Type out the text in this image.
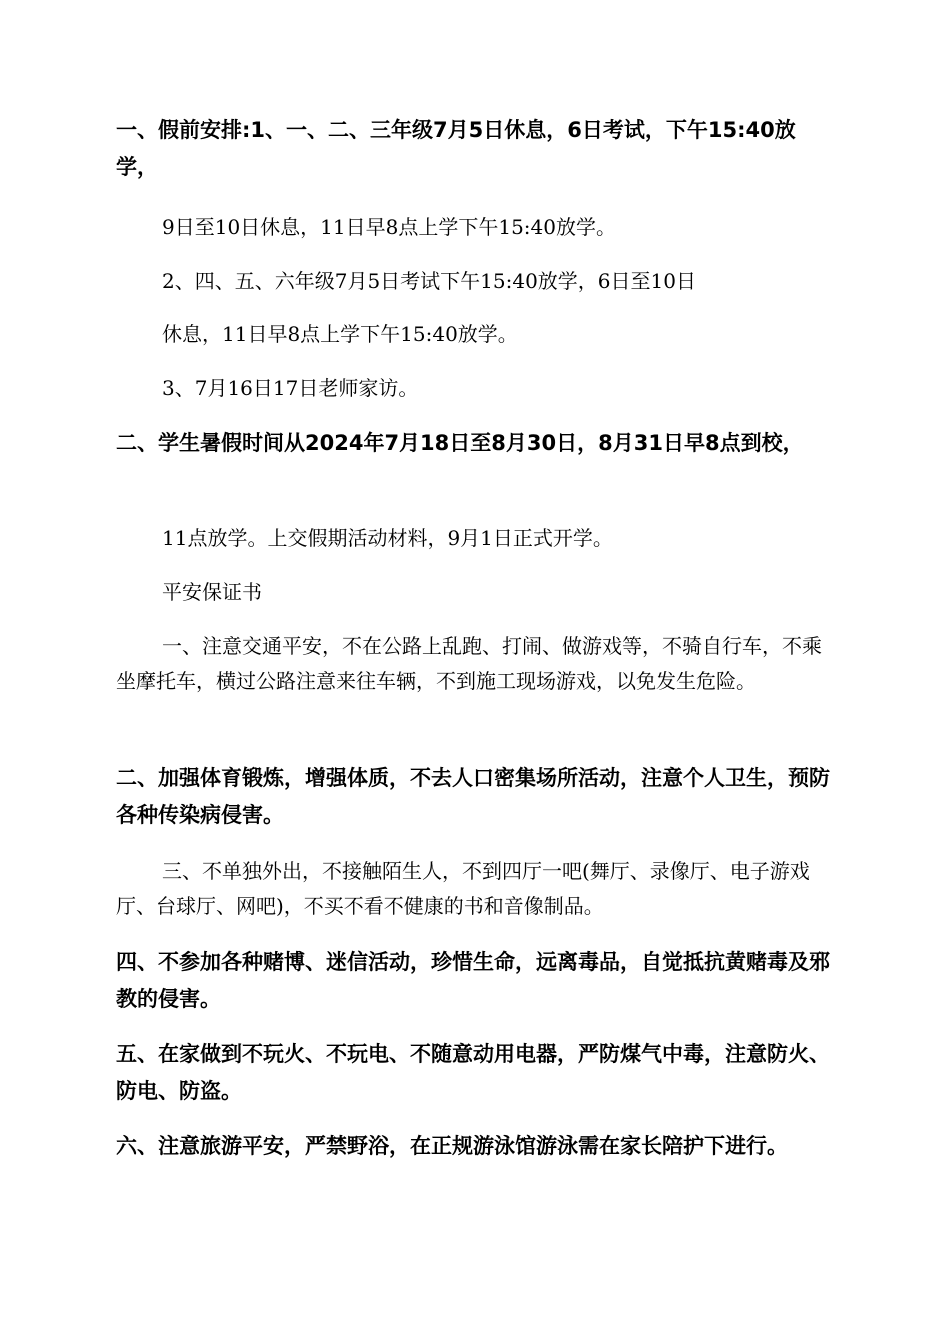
一、假前安排:1、一、二、三年级7月5日休息，6日考试，下午15:40放学，

9日至10日休息，11日早8点上学下午15:40放学。

2、四、五、六年级7月5日考试下午15:40放学，6日至10日

休息，11日早8点上学下午15:40放学。

3、7月16日17日老师家访。

二、学生暑假时间从2024年7月18日至8月30日，8月31日早8点到校，

11点放学。上交假期活动材料，9月1日正式开学。

平安保证书

一、注意交通平安，不在公路上乱跑、打闹、做游戏等，不骑自行车，不乘坐摩托车，横过公路注意来往车辆，不到施工现场游戏，以免发生危险。

二、加强体育锻炼，增强体质，不去人口密集场所活动，注意个人卫生，预防各种传染病侵害。

三、不单独外出，不接触陌生人，不到四厅一吧(舞厅、录像厅、电子游戏厅、台球厅、网吧)，不买不看不健康的书和音像制品。

四、不参加各种赌博、迷信活动，珍惜生命，远离毒品，自觉抵抗黄赌毒及邪教的侵害。

五、在家做到不玩火、不玩电、不随意动用电器，严防煤气中毒，注意防火、防电、防盗。

六、注意旅游平安，严禁野浴，在正规游泳馆游泳需在家长陪护下进行。
